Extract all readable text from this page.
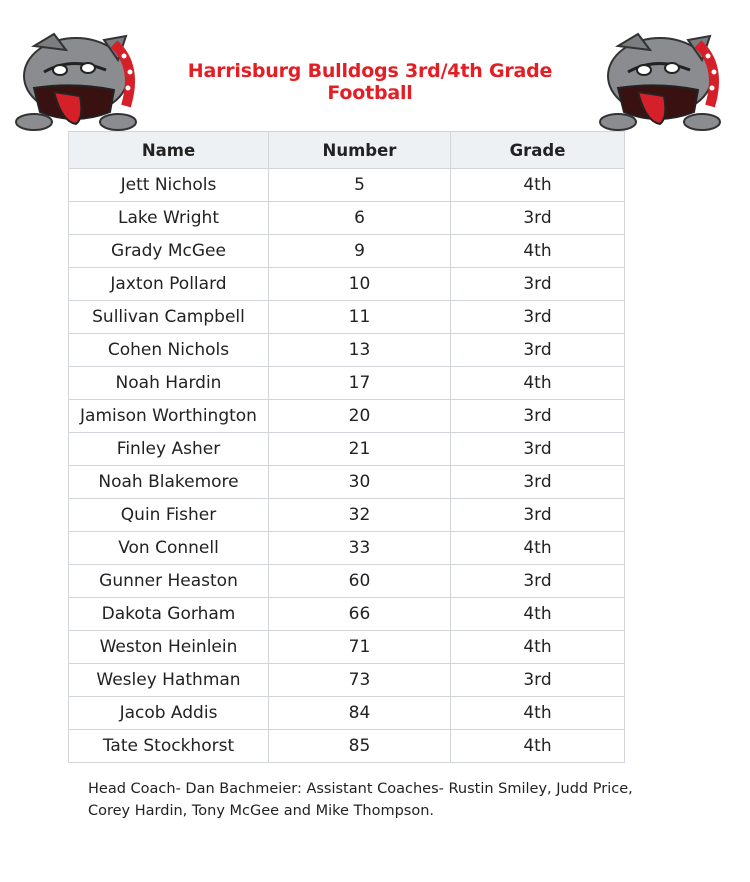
Harrisburg Bulldogs 3rd/4th Grade Football
Name	Number	Grade
Jett Nichols	5	4th
Lake Wright	6	3rd
Grady McGee	9	4th
Jaxton Pollard	10	3rd
Sullivan Campbell	11	3rd
Cohen Nichols	13	3rd
Noah Hardin	17	4th
Jamison Worthington	20	3rd
Finley Asher	21	3rd
Noah Blakemore	30	3rd
Quin Fisher	32	3rd
Von Connell	33	4th
Gunner Heaston	60	3rd
Dakota Gorham	66	4th
Weston Heinlein	71	4th
Wesley Hathman	73	3rd
Jacob Addis	84	4th
Tate Stockhorst	85	4th
Head Coach- Dan Bachmeier: Assistant Coaches- Rustin Smiley, Judd Price, Corey Hardin, Tony McGee and Mike Thompson.
